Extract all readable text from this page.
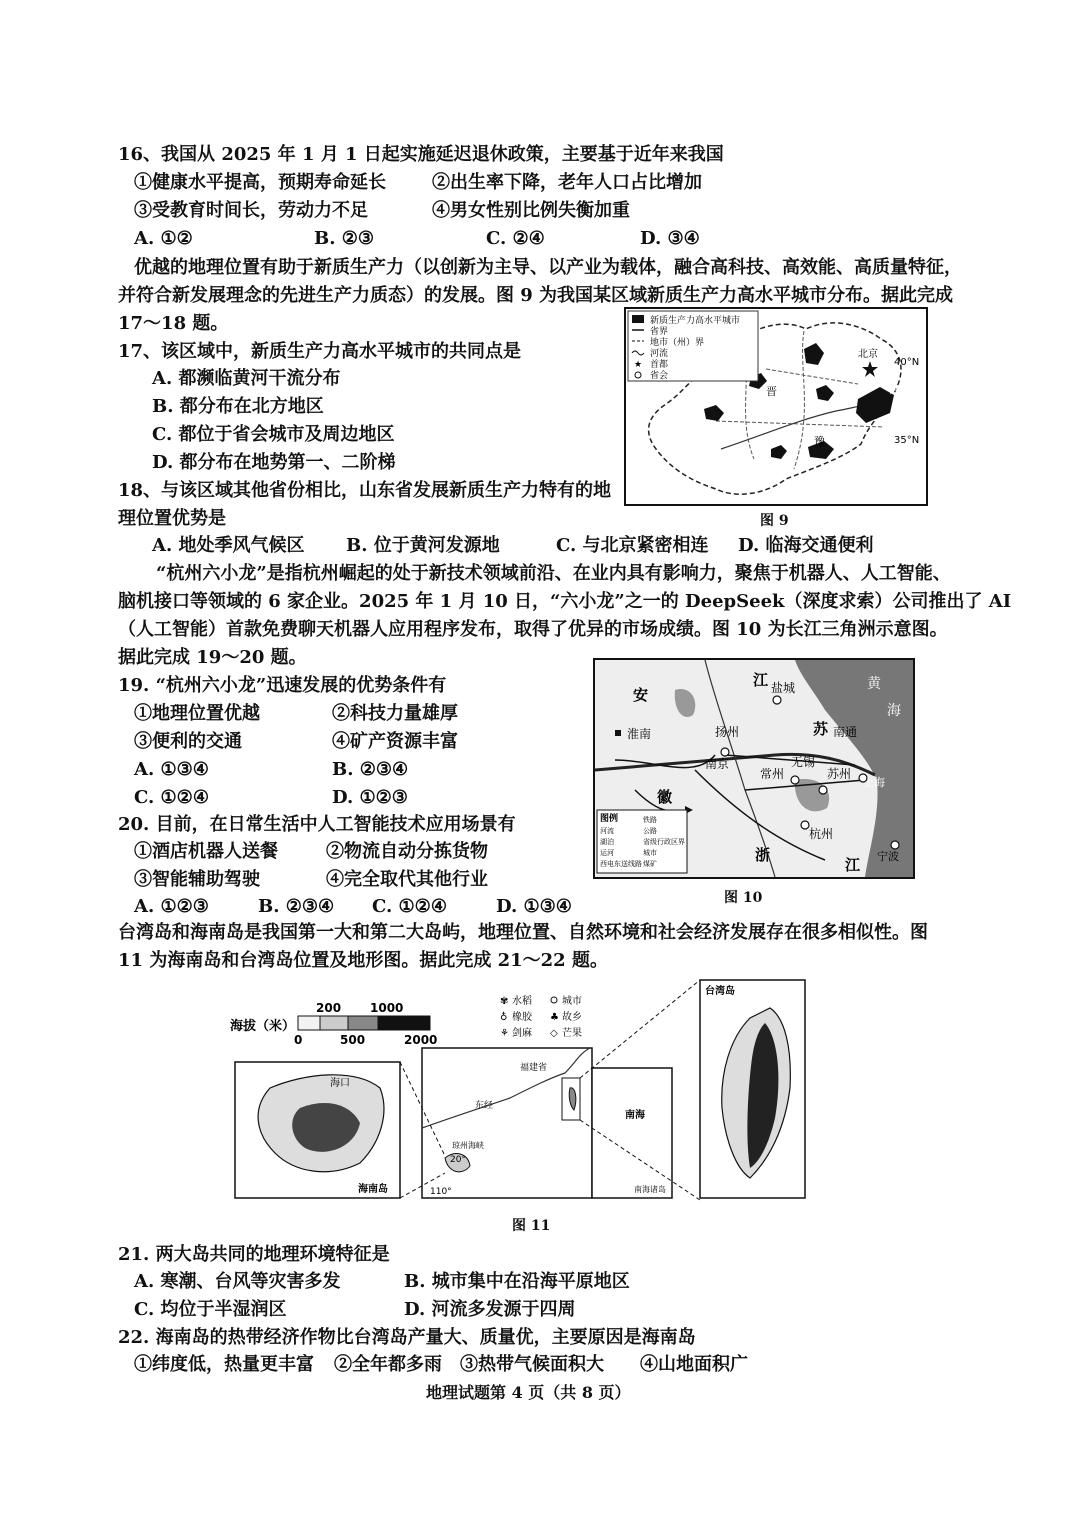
16、我国从 2025 年 1 月 1 日起实施延迟退休政策，主要基于近年来我国
①健康水平提高，预期寿命延长	②出生率下降，老年人口占比增加
③受教育时间长，劳动力不足	④男女性别比例失衡加重
A. ①②	B. ②③	C. ②④	D. ③④
优越的地理位置有助于新质生产力（以创新为主导、以产业为载体，融合高科技、高效能、高质量特征，
并符合新发展理念的先进生产力质态）的发展。图 9 为我国某区域新质生产力高水平城市分布。据此完成
17～18 题。
17、该区域中，新质生产力高水平城市的共同点是
A. 都濒临黄河干流分布
B. 都分布在北方地区
C. 都位于省会城市及周边地区
D. 都分布在地势第一、二阶梯
18、与该区域其他省份相比，山东省发展新质生产力特有的地
理位置优势是
A. 地处季风气候区 B. 位于黄河发源地	C. 与北京紧密相连 D. 临海交通便利
★
新质生产力高水平城市
省界
地市（州）界
河流
首都
省会
北京
鲁
晋
豫
40°N
35°N
图 9
“杭州六小龙”是指杭州崛起的处于新技术领域前沿、在业内具有影响力，聚焦于机器人、人工智能、
脑机接口等领域的 6 家企业。2025 年 1 月 10 日，“六小龙”之一的 DeepSeek（深度求索）公司推出了 AI
（人工智能）首款免费聊天机器人应用程序发布，取得了优异的市场成绩。图 10 为长江三角洲示意图。
据此完成 19～20 题。
19. “杭州六小龙”迅速发展的优势条件有
①地理位置优越	②科技力量雄厚
③便利的交通	④矿产资源丰富
A. ①③④	B. ②③④
C. ①②④	D. ①②③
20. 目前，在日常生活中人工智能技术应用场景有
①酒店机器人送餐	②物流自动分拣货物
③智能辅助驾驶	④完全取代其他行业
A. ①②③	B. ②③④ C. ①②④	D. ①③④
安
江 盐城	黄
海
淮南	扬州	苏 南通
南京
常州
无锡
苏州
上海
徽
杭州
浙
江 宁波
图例
河流
湖泊
运河
铁路
公路
省级行政区界
城市
煤矿
西电东送线路
图 10
台湾岛和海南岛是我国第一大和第二大岛屿，地理位置、自然环境和社会经济发展存在很多相似性。图
11 为海南岛和台湾岛位置及地形图。据此完成 21～22 题。
海拔（米）
200 1000
0	500	2000
✾ 水稻	城市
♁ 橡胶 ♣ 故乡
⚘ 剑麻 ◇ 芒果
海口
海南岛
福建省
东经
琼州海峡
20°
110°
南海
南海诸岛
台湾岛
图 11
21. 两大岛共同的地理环境特征是
A. 寒潮、台风等灾害多发	B. 城市集中在沿海平原地区
C. 均位于半湿润区	D. 河流多发源于四周
22. 海南岛的热带经济作物比台湾岛产量大、质量优，主要原因是海南岛
①纬度低，热量更丰富 ②全年都多雨 ③热带气候面积大 ④山地面积广
地理试题第 4 页（共 8 页）
